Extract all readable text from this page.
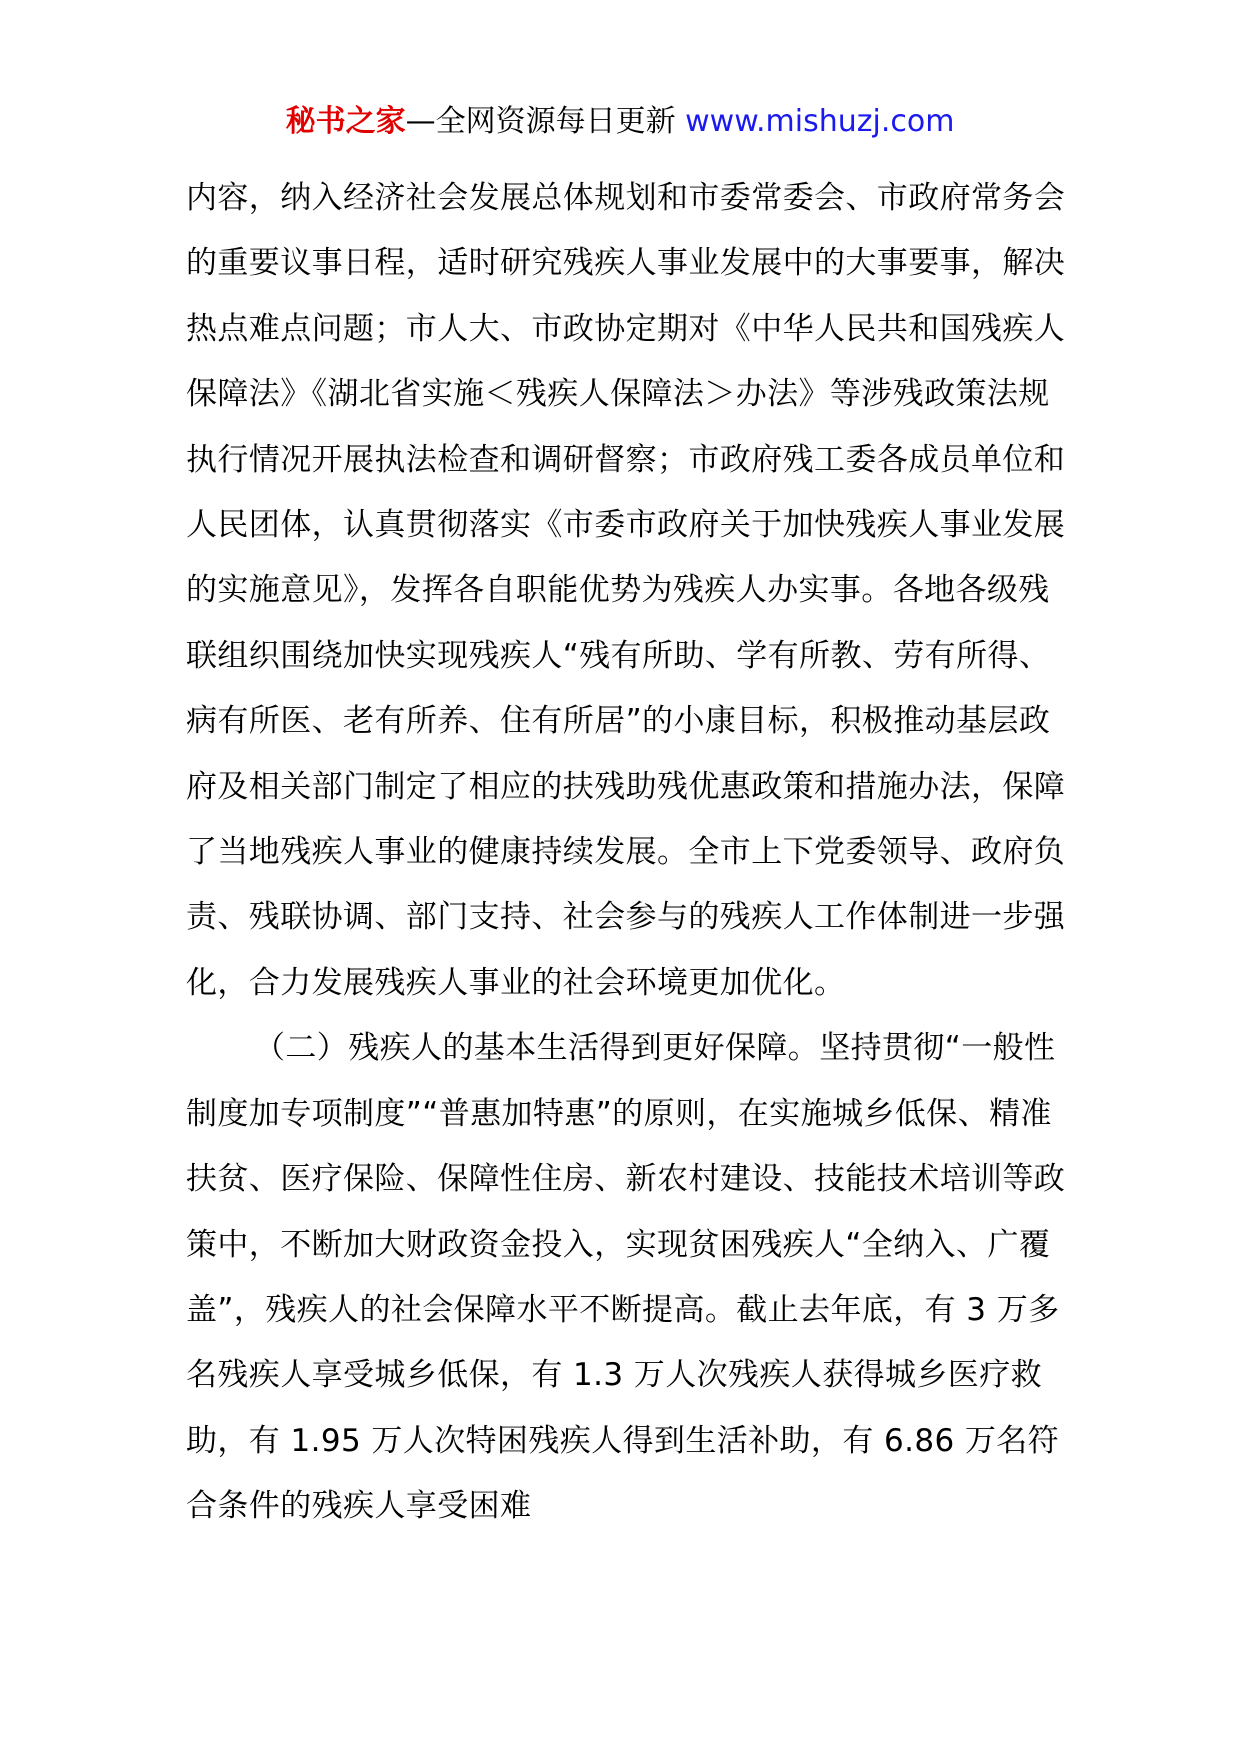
秘书之家—全网资源每日更新 www.mishuzj.com

内容，纳入经济社会发展总体规划和市委常委会、市政府常务会的重要议事日程，适时研究残疾人事业发展中的大事要事，解决热点难点问题；市人大、市政协定期对《中华人民共和国残疾人保障法》《湖北省实施＜残疾人保障法＞办法》等涉残政策法规执行情况开展执法检查和调研督察；市政府残工委各成员单位和人民团体，认真贯彻落实《市委市政府关于加快残疾人事业发展的实施意见》，发挥各自职能优势为残疾人办实事。各地各级残联组织围绕加快实现残疾人“残有所助、学有所教、劳有所得、病有所医、老有所养、住有所居”的小康目标，积极推动基层政府及相关部门制定了相应的扶残助残优惠政策和措施办法，保障了当地残疾人事业的健康持续发展。全市上下党委领导、政府负责、残联协调、部门支持、社会参与的残疾人工作体制进一步强化，合力发展残疾人事业的社会环境更加优化。

（二）残疾人的基本生活得到更好保障。坚持贯彻“一般性制度加专项制度”“普惠加特惠”的原则，在实施城乡低保、精准扶贫、医疗保险、保障性住房、新农村建设、技能技术培训等政策中，不断加大财政资金投入，实现贫困残疾人“全纳入、广覆盖”，残疾人的社会保障水平不断提高。截止去年底，有 3 万多名残疾人享受城乡低保，有 1.3 万人次残疾人获得城乡医疗救助，有 1.95 万人次特困残疾人得到生活补助，有 6.86 万名符合条件的残疾人享受困难
